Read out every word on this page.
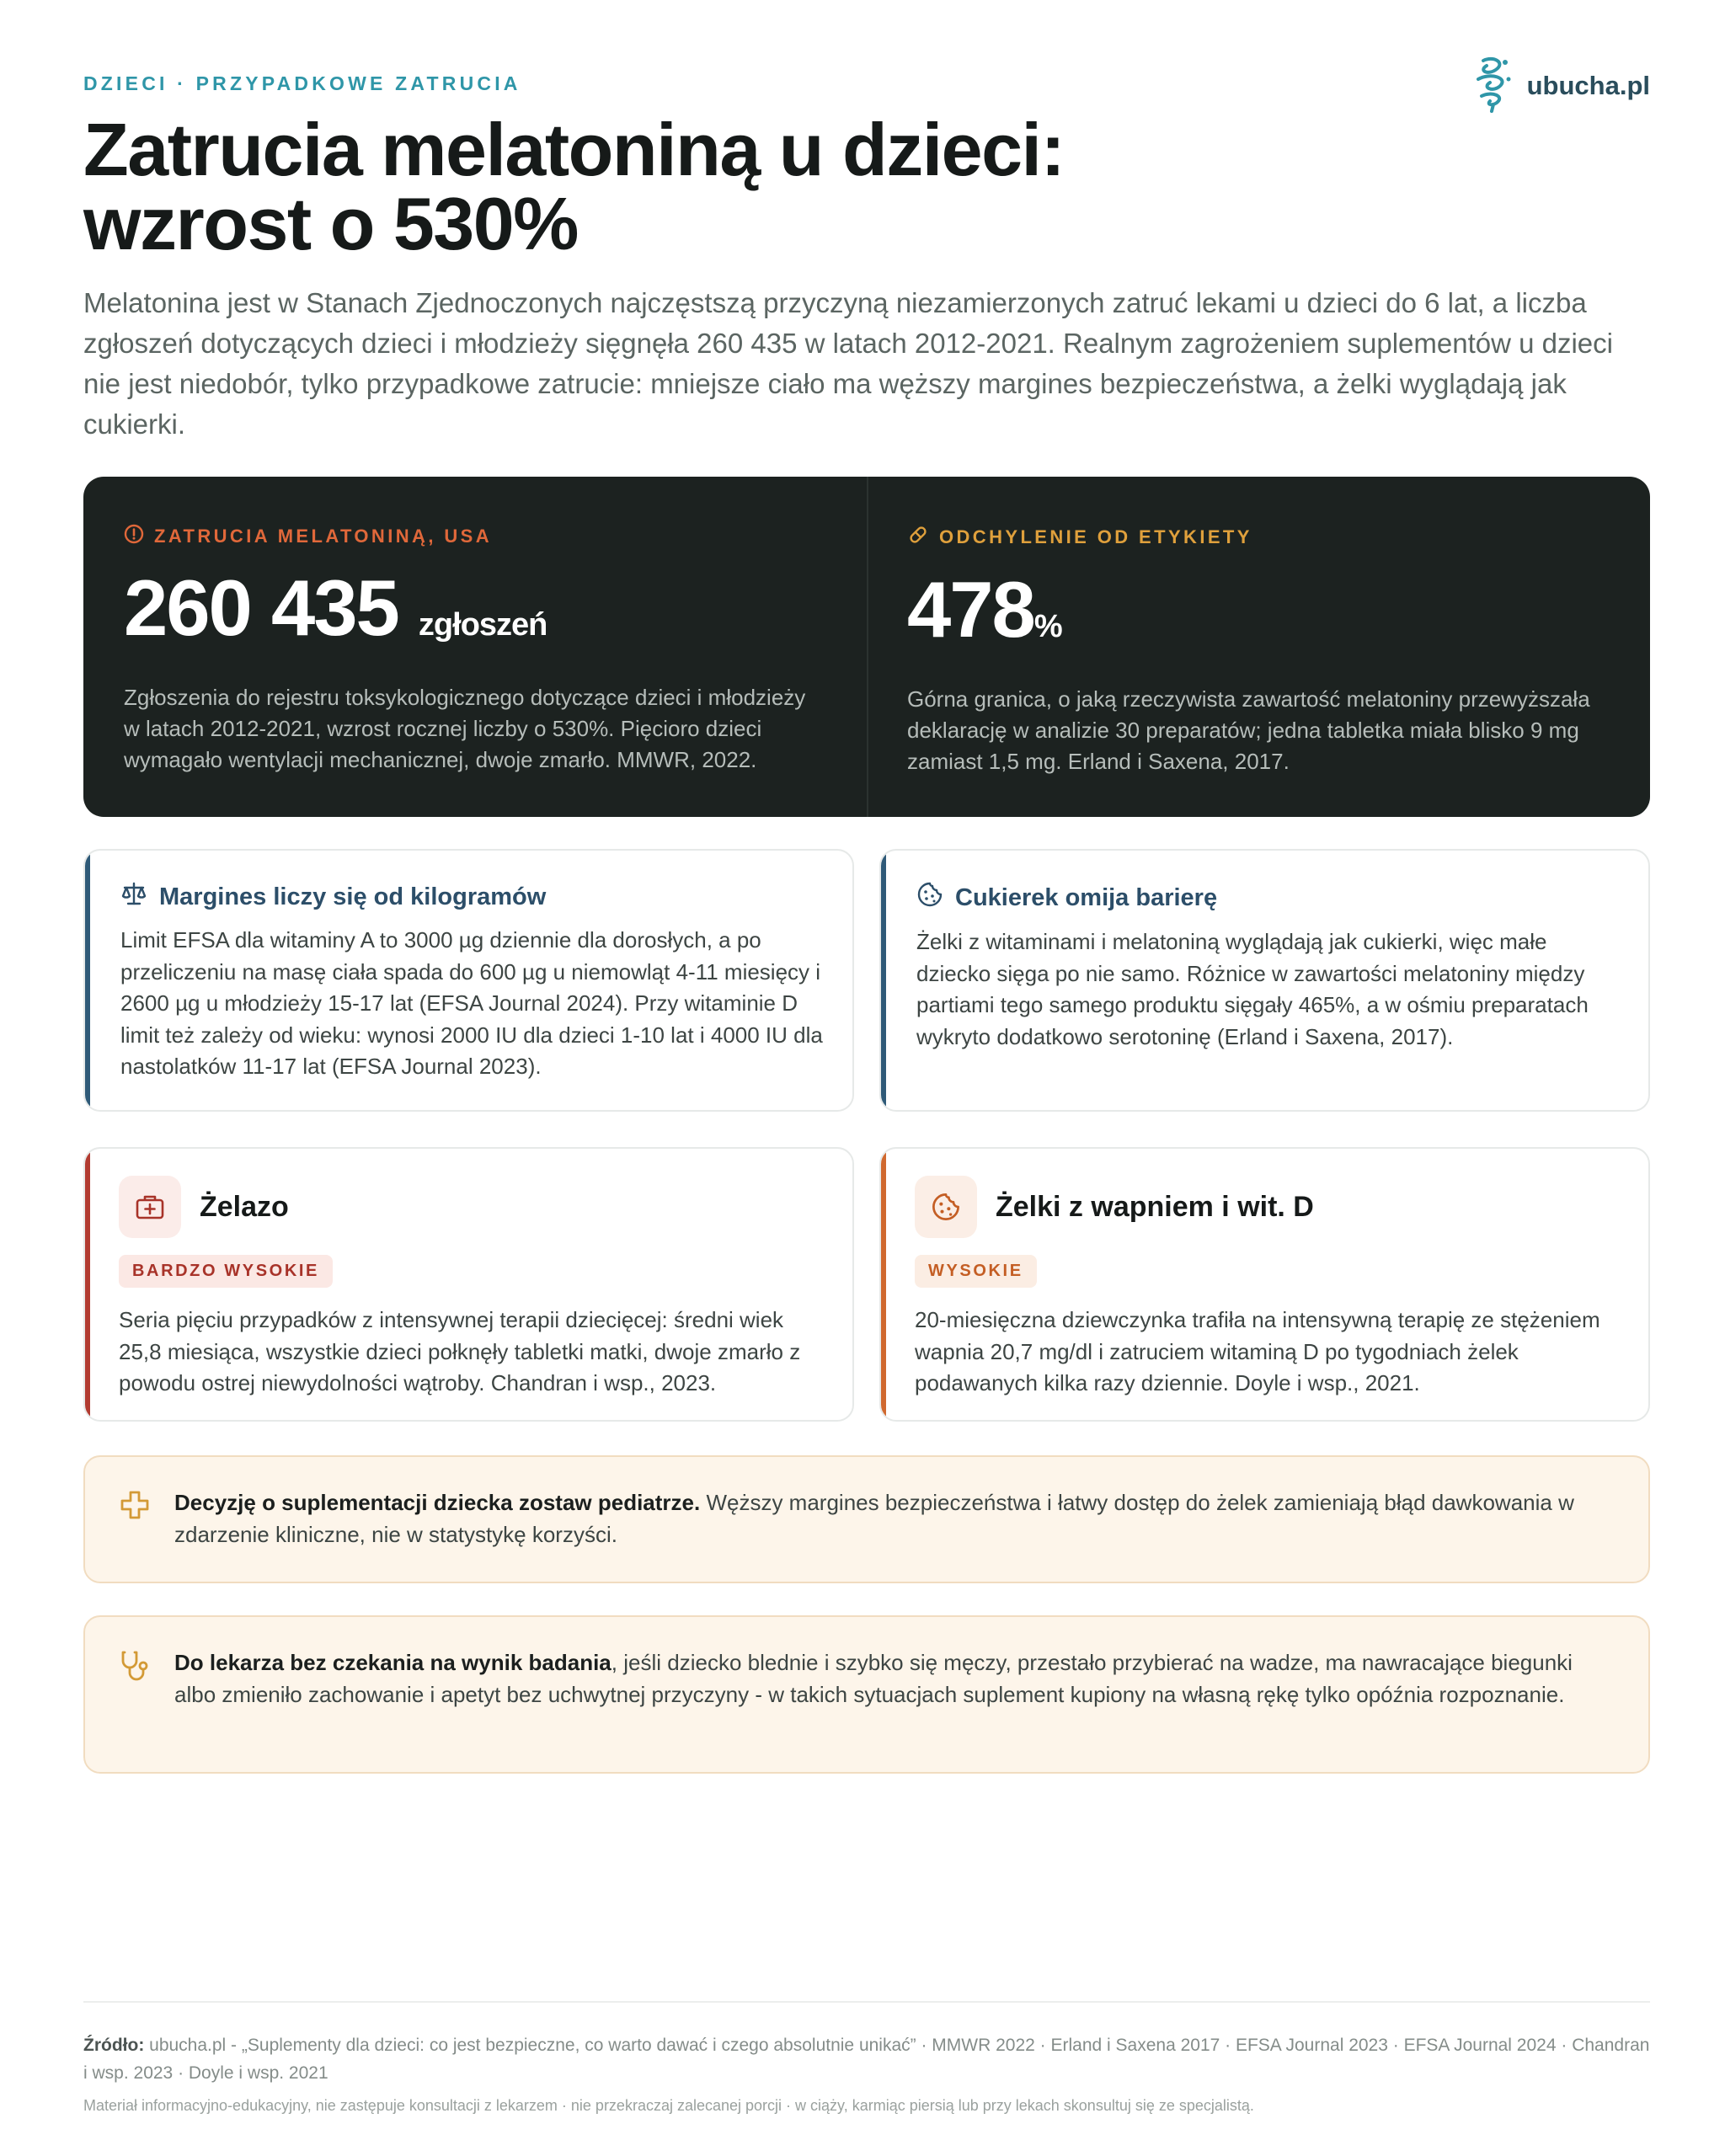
DZIECI · PRZYPADKOWE ZATRUCIA	ubucha.pl
Zatrucia melatoniną u dzieci:
wzrost o 530%

Melatonina jest w Stanach Zjednoczonych najczęstszą przyczyną niezamierzonych zatruć lekami u dzieci do 6 lat, a liczba zgłoszeń dotyczących dzieci i młodzieży sięgnęła 260 435 w latach 2012-2021. Realnym zagrożeniem suplementów u dzieci nie jest niedobór, tylko przypadkowe zatrucie: mniejsze ciało ma węższy margines bezpieczeństwa, a żelki wyglądają jak cukierki.

ZATRUCIA MELATONINĄ, USA
260 435 zgłoszeń

Zgłoszenia do rejestru toksykologicznego dotyczące dzieci i młodzieży w latach 2012-2021, wzrost rocznej liczby o 530%. Pięcioro dzieci wymagało wentylacji mechanicznej, dwoje zmarło. MMWR, 2022.

ODCHYLENIE OD ETYKIETY
478%

Górna granica, o jaką rzeczywista zawartość melatoniny przewyższała deklarację w analizie 30 preparatów; jedna tabletka miała blisko 9 mg zamiast 1,5 mg. Erland i Saxena, 2017.

Margines liczy się od kilogramów

Limit EFSA dla witaminy A to 3000 µg dziennie dla dorosłych, a po przeliczeniu na masę ciała spada do 600 µg u niemowląt 4-11 miesięcy i 2600 µg u młodzieży 15-17 lat (EFSA Journal 2024). Przy witaminie D limit też zależy od wieku: wynosi 2000 IU dla dzieci 1-10 lat i 4000 IU dla nastolatków 11-17 lat (EFSA Journal 2023).

Cukierek omija barierę

Żelki z witaminami i melatoniną wyglądają jak cukierki, więc małe dziecko sięga po nie samo. Różnice w zawartości melatoniny między partiami tego samego produktu sięgały 465%, a w ośmiu preparatach wykryto dodatkowo serotoninę (Erland i Saxena, 2017).

Żelazo
BARDZO WYSOKIE

Seria pięciu przypadków z intensywnej terapii dziecięcej: średni wiek 25,8 miesiąca, wszystkie dzieci połknęły tabletki matki, dwoje zmarło z powodu ostrej niewydolności wątroby. Chandran i wsp., 2023.

Żelki z wapniem i wit. D
WYSOKIE

20-miesięczna dziewczynka trafiła na intensywną terapię ze stężeniem wapnia 20,7 mg/dl i zatruciem witaminą D po tygodniach żelek podawanych kilka razy dziennie. Doyle i wsp., 2021.

Decyzję o suplementacji dziecka zostaw pediatrze. Węższy margines bezpieczeństwa i łatwy dostęp do żelek zamieniają błąd dawkowania w zdarzenie kliniczne, nie w statystykę korzyści.

Do lekarza bez czekania na wynik badania, jeśli dziecko blednie i szybko się męczy, przestało przybierać na wadze, ma nawracające biegunki albo zmieniło zachowanie i apetyt bez uchwytnej przyczyny - w takich sytuacjach suplement kupiony na własną rękę tylko opóźnia rozpoznanie.

Źródło: ubucha.pl - „Suplementy dla dzieci: co jest bezpieczne, co warto dawać i czego absolutnie unikać” · MMWR 2022 · Erland i Saxena 2017 · EFSA Journal 2023 · EFSA Journal 2024 · Chandran i wsp. 2023 · Doyle i wsp. 2021

Materiał informacyjno-edukacyjny, nie zastępuje konsultacji z lekarzem · nie przekraczaj zalecanej porcji · w ciąży, karmiąc piersią lub przy lekach skonsultuj się ze specjalistą.
